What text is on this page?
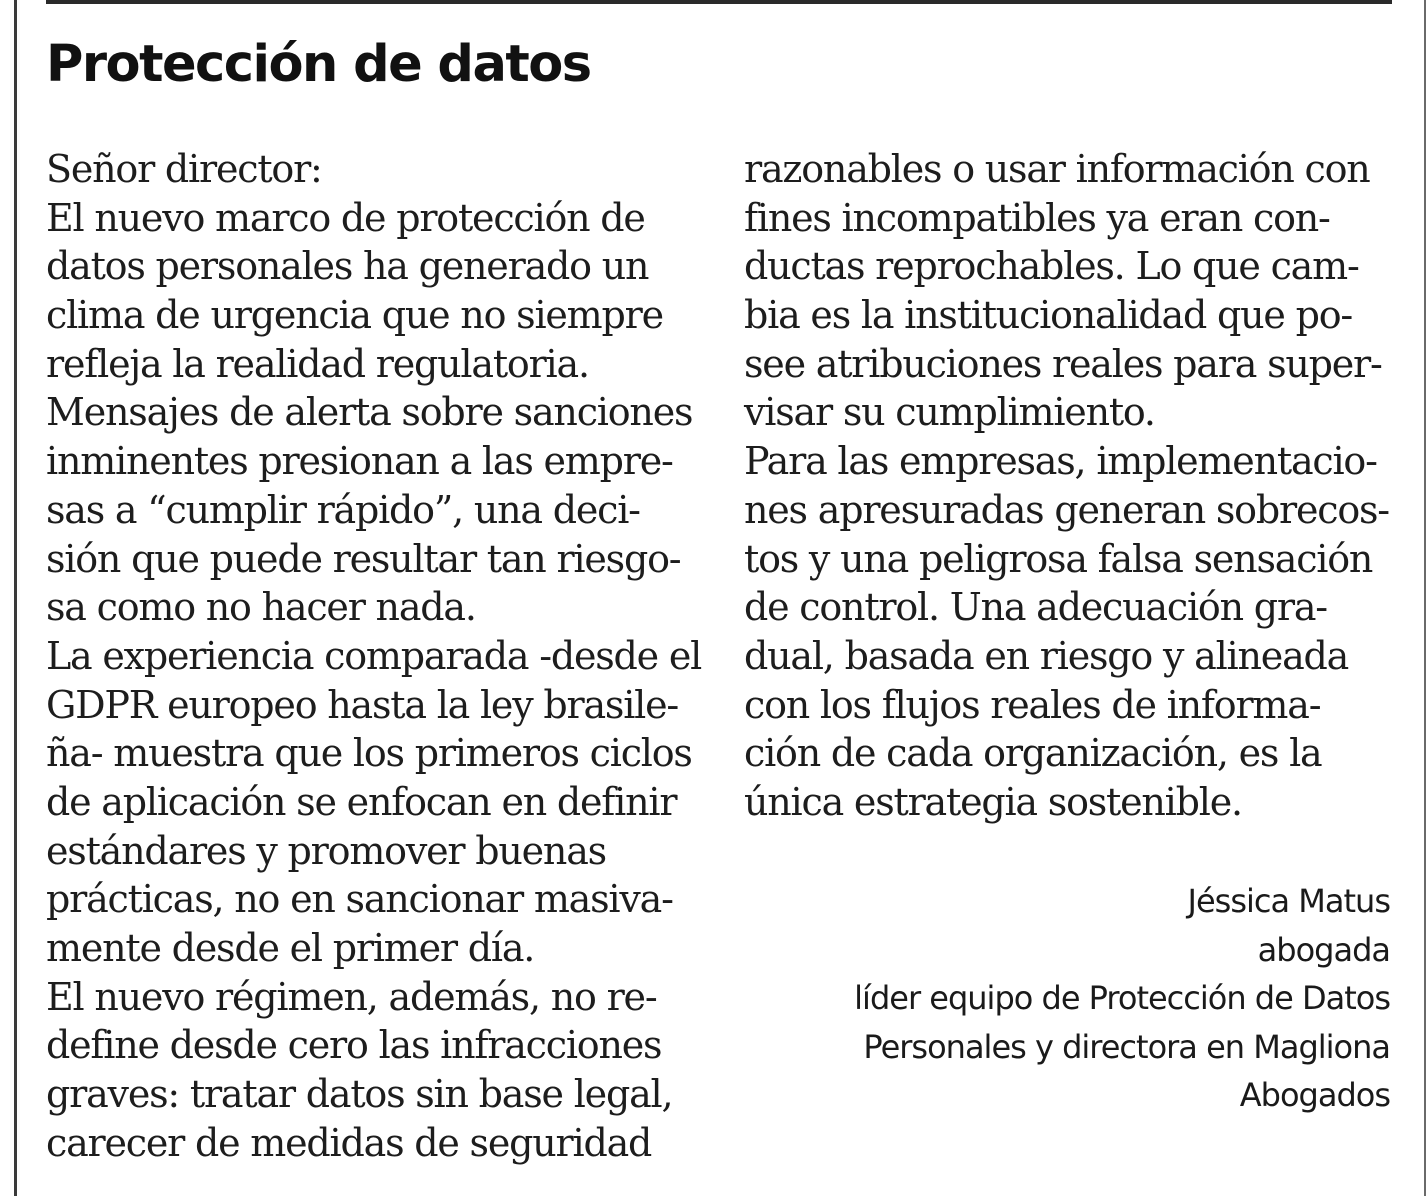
Protección de datos
Señor director:
El nuevo marco de protección de
datos personales ha generado un
clima de urgencia que no siempre
refleja la realidad regulatoria.
Mensajes de alerta sobre sanciones
inminentes presionan a las empre-
sas a “cumplir rápido”, una deci-
sión que puede resultar tan riesgo-
sa como no hacer nada.
La experiencia comparada -desde el
GDPR europeo hasta la ley brasile-
ña- muestra que los primeros ciclos
de aplicación se enfocan en definir
estándares y promover buenas
prácticas, no en sancionar masiva-
mente desde el primer día.
El nuevo régimen, además, no re-
define desde cero las infracciones
graves: tratar datos sin base legal,
carecer de medidas de seguridad
razonables o usar información con
fines incompatibles ya eran con-
ductas reprochables. Lo que cam-
bia es la institucionalidad que po-
see atribuciones reales para super-
visar su cumplimiento.
Para las empresas, implementacio-
nes apresuradas generan sobrecos-
tos y una peligrosa falsa sensación
de control. Una adecuación gra-
dual, basada en riesgo y alineada
con los flujos reales de informa-
ción de cada organización, es la
única estrategia sostenible.
Jéssica Matus
abogada
líder equipo de Protección de Datos
Personales y directora en Magliona
Abogados
